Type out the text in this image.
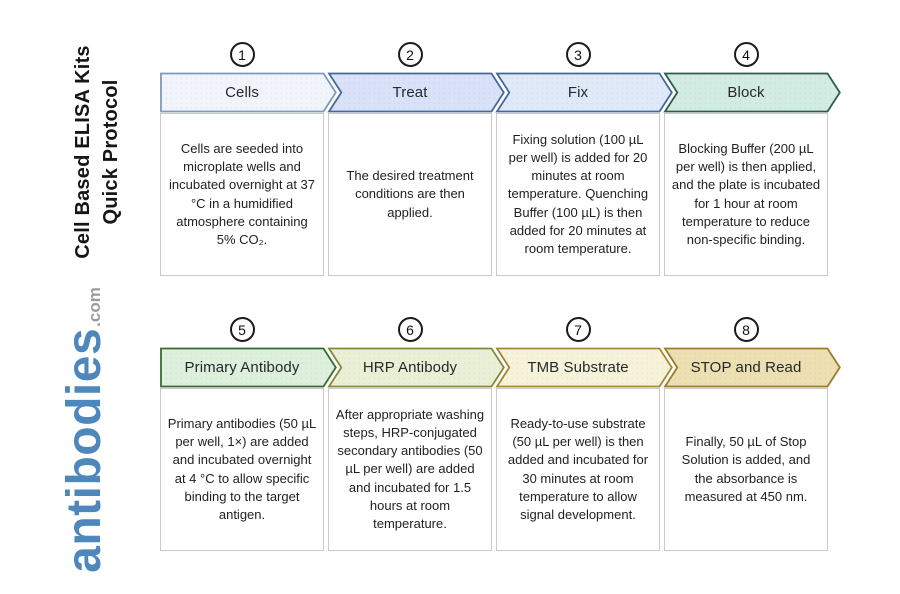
Cell Based ELISA Kits Quick Protocol
antibodies
.com
1
Cells

Cells are seeded into microplate wells and incubated overnight at 37 °C in a humidified atmosphere containing 5% CO₂.

2
Treat

The desired treatment conditions are then applied.

3
Fix

Fixing solution (100 µL per well) is added for 20 minutes at room temperature. Quenching Buffer (100 µL) is then added for 20 minutes at room temperature.

4
Block

Blocking Buffer (200 µL per well) is then applied, and the plate is incubated for 1 hour at room temperature to reduce non-specific binding.

5
Primary Antibody

Primary antibodies (50 µL per well, 1×) are added and incubated overnight at 4 °C to allow specific binding to the target antigen.

6
HRP Antibody

After appropriate washing steps, HRP-conjugated secondary antibodies (50 µL per well) are added and incubated for 1.5 hours at room temperature.

7
TMB Substrate

Ready-to-use substrate (50 µL per well) is then added and incubated for 30 minutes at room temperature to allow signal development.

8
STOP and Read

Finally, 50 µL of Stop Solution is added, and the absorbance is measured at 450 nm.
